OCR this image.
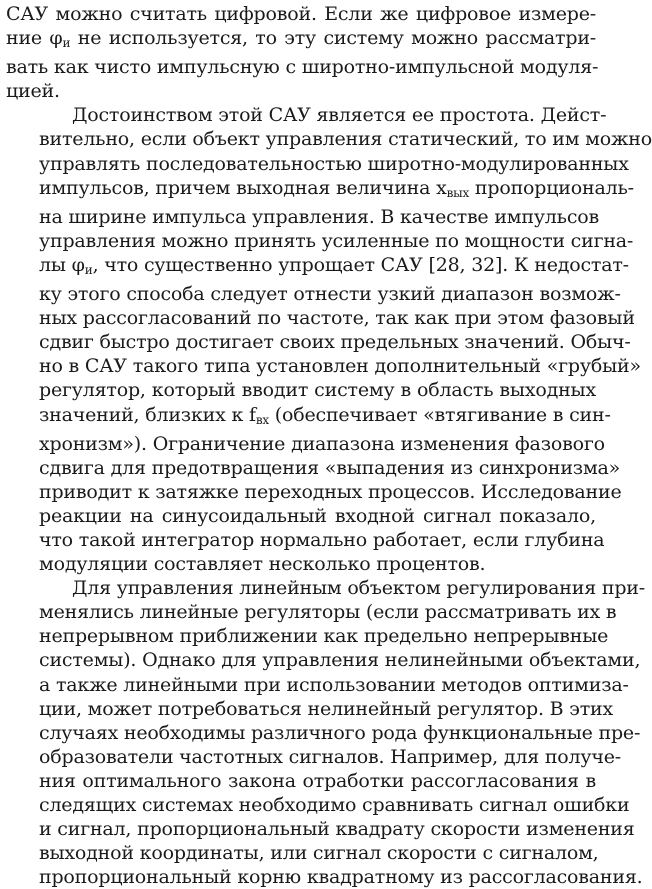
САУ можно считать цифровой. Если же цифровое измере-
ние $\varphi_и$ не используется, то эту систему можно рассматри-
вать как чисто импульсную с широтно-импульсной модуля-
цией.
Достоинством этой САУ является ее простота. Дейст-
вительно, если объект управления статический, то им можно
управлять последовательностью широтно-модулированных
импульсов, причем выходная величина $x_{вых}$ пропорциональ-
на ширине импульса управления. В качестве импульсов
управления можно принять усиленные по мощности сигна-
лы $\varphi_и$, что существенно упрощает САУ [28, 32]. К недостат-
ку этого способа следует отнести узкий диапазон возмож-
ных рассогласований по частоте, так как при этом фазовый
сдвиг быстро достигает своих предельных значений. Обыч-
но в САУ такого типа установлен дополнительный «грубый»
регулятор, который вводит систему в область выходных
значений, близких к $f_{вх}$ (обеспечивает «втягивание в син-
хронизм»). Ограничение диапазона изменения фазового
сдвига для предотвращения «выпадения из синхронизма»
приводит к затяжке переходных процессов. Исследование
реакции на синусоидальный входной сигнал показало,
что такой интегратор нормально работает, если глубина
модуляции составляет несколько процентов.
Для управления линейным объектом регулирования при-
менялись линейные регуляторы (если рассматривать их в
непрерывном приближении как предельно непрерывные
системы). Однако для управления нелинейными объектами,
а также линейными при использовании методов оптимиза-
ции, может потребоваться нелинейный регулятор. В этих
случаях необходимы различного рода функциональные пре-
образователи частотных сигналов. Например, для получе-
ния оптимального закона отработки рассогласования в
следящих системах необходимо сравнивать сигнал ошибки
и сигнал, пропорциональный квадрату скорости изменения
выходной координаты, или сигнал скорости с сигналом,
пропорциональный корню квадратному из рассогласования.
